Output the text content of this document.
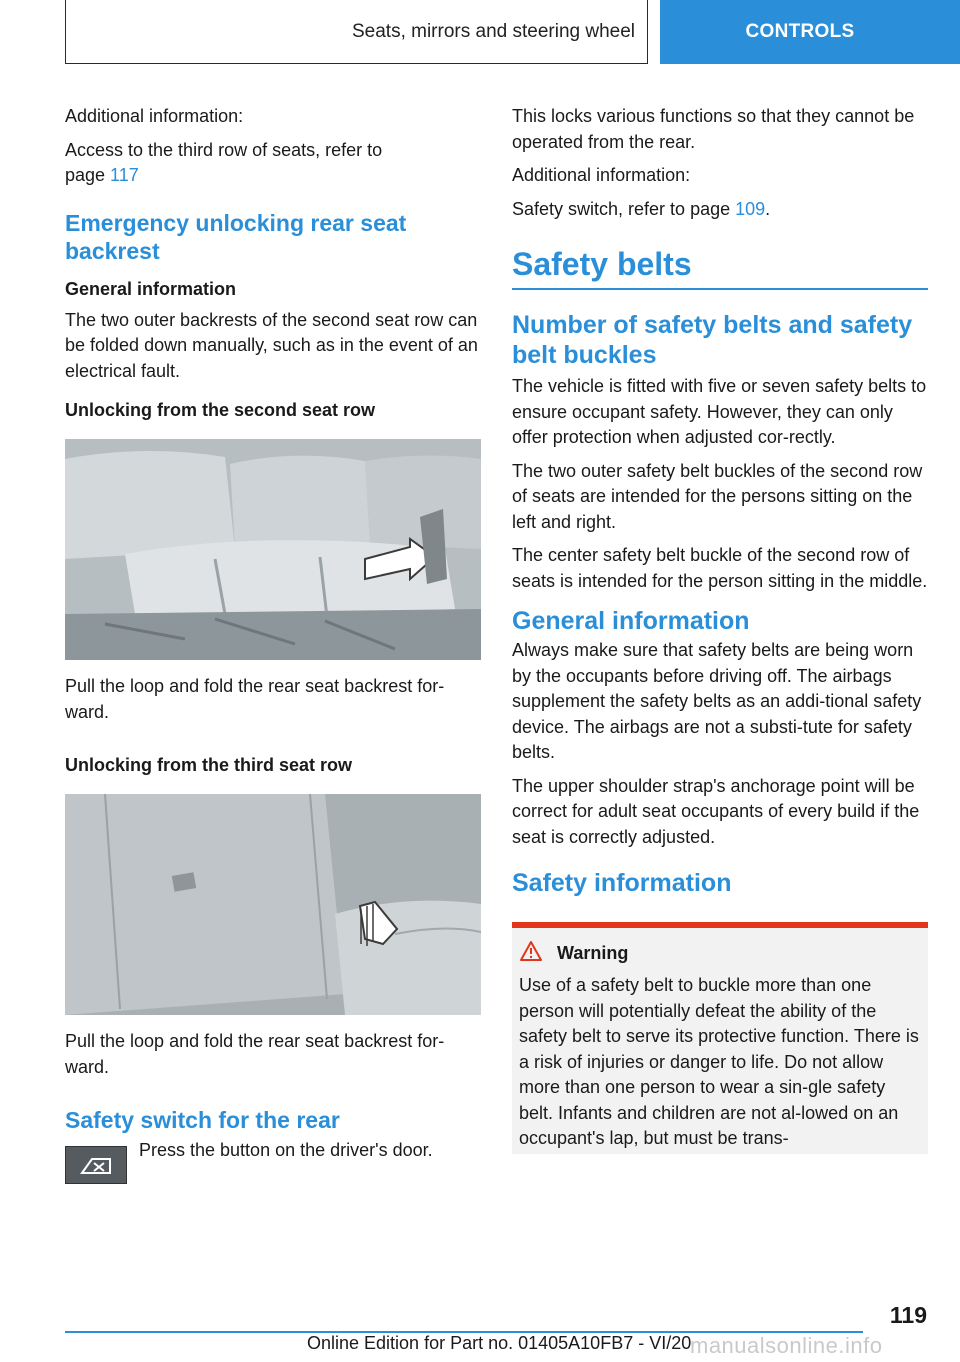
Seats, mirrors and steering wheel	CONTROLS

Additional information:

Access to the third row of seats, refer to
page 117

Emergency unlocking rear seat backrest
General information

The two outer backrests of the second seat row can be folded down manually, such as in the event of an electrical fault.

Unlocking from the second seat row

Pull the loop and fold the rear seat backrest for‐ward.

Unlocking from the third seat row

Pull the loop and fold the rear seat backrest for‐ward.

Safety switch for the rear

Press the button on the driver's door.

This locks various functions so that they cannot be operated from the rear.

Additional information:

Safety switch, refer to page 109.

Safety belts
Number of safety belts and safety belt buckles

The vehicle is fitted with five or seven safety belts to ensure occupant safety. However, they can only offer protection when adjusted cor‐rectly.

The two outer safety belt buckles of the second row of seats are intended for the persons sitting on the left and right.

The center safety belt buckle of the second row of seats is intended for the person sitting in the middle.

General information

Always make sure that safety belts are being worn by the occupants before driving off. The airbags supplement the safety belts as an addi‐tional safety device. The airbags are not a substi‐tute for safety belts.

The upper shoulder strap's anchorage point will be correct for adult seat occupants of every build if the seat is correctly adjusted.

Safety information
Warning

Use of a safety belt to buckle more than one person will potentially defeat the ability of the safety belt to serve its protective function. There is a risk of injuries or danger to life. Do not allow more than one person to wear a sin‐gle safety belt. Infants and children are not al‐lowed on an occupant's lap, but must be trans‐

119
Online Edition for Part no. 01405A10FB7 - VI/20
manualsonline.info
